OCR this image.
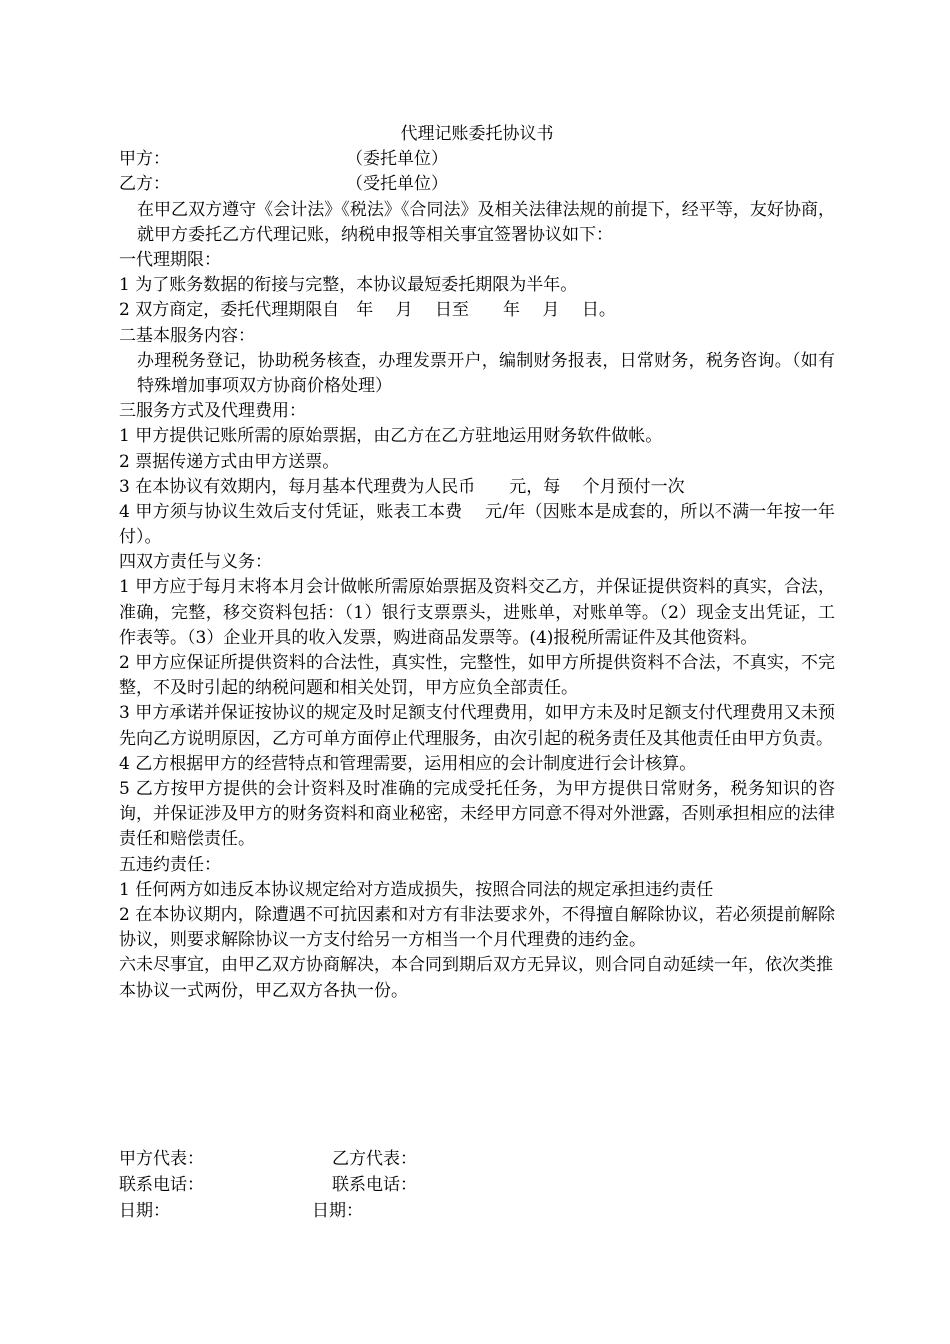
代理记账委托协议书
甲方：	（委托单位）
乙方：	（受托单位）
在甲乙双方遵守《会计法》《税法》《合同法》及相关法律法规的前提下，经平等，友好协商，就甲方委托乙方代理记账，纳税申报等相关事宜签署协议如下：
一代理期限：
1 为了账务数据的衔接与完整，本协议最短委托期限为半年。
2 双方商定，委托代理期限自　年　 月　 日至　　年　 月　 日。
二基本服务内容：
办理税务登记，协助税务核查，办理发票开户，编制财务报表，日常财务，税务咨询。（如有特殊增加事项双方协商价格处理）
三服务方式及代理费用：
1 甲方提供记账所需的原始票据，由乙方在乙方驻地运用财务软件做帐。
2 票据传递方式由甲方送票。
3 在本协议有效期内，每月基本代理费为人民币　　元，每　 个月预付一次
4 甲方须与协议生效后支付凭证，账表工本费　 元/年（因账本是成套的，所以不满一年按一年付）。
四双方责任与义务：
1 甲方应于每月末将本月会计做帐所需原始票据及资料交乙方，并保证提供资料的真实，合法，准确，完整，移交资料包括：（1）银行支票票头，进账单，对账单等。（2）现金支出凭证，工作表等。（3）企业开具的收入发票，购进商品发票等。(4)报税所需证件及其他资料。
2 甲方应保证所提供资料的合法性，真实性，完整性，如甲方所提供资料不合法，不真实，不完整，不及时引起的纳税问题和相关处罚，甲方应负全部责任。
3 甲方承诺并保证按协议的规定及时足额支付代理费用，如甲方未及时足额支付代理费用又未预先向乙方说明原因，乙方可单方面停止代理服务，由次引起的税务责任及其他责任由甲方负责。
4 乙方根据甲方的经营特点和管理需要，运用相应的会计制度进行会计核算。
5 乙方按甲方提供的会计资料及时准确的完成受托任务，为甲方提供日常财务，税务知识的咨询，并保证涉及甲方的财务资料和商业秘密，未经甲方同意不得对外泄露，否则承担相应的法律责任和赔偿责任。
五违约责任：
1 任何两方如违反本协议规定给对方造成损失，按照合同法的规定承担违约责任
2 在本协议期内，除遭遇不可抗因素和对方有非法要求外，不得擅自解除协议，若必须提前解除协议，则要求解除协议一方支付给另一方相当一个月代理费的违约金。
六未尽事宜，由甲乙双方协商解决，本合同到期后双方无异议，则合同自动延续一年，依次类推
本协议一式两份，甲乙双方各执一份。
甲方代表：	乙方代表：
联系电话：	联系电话：
日期：	日期：
